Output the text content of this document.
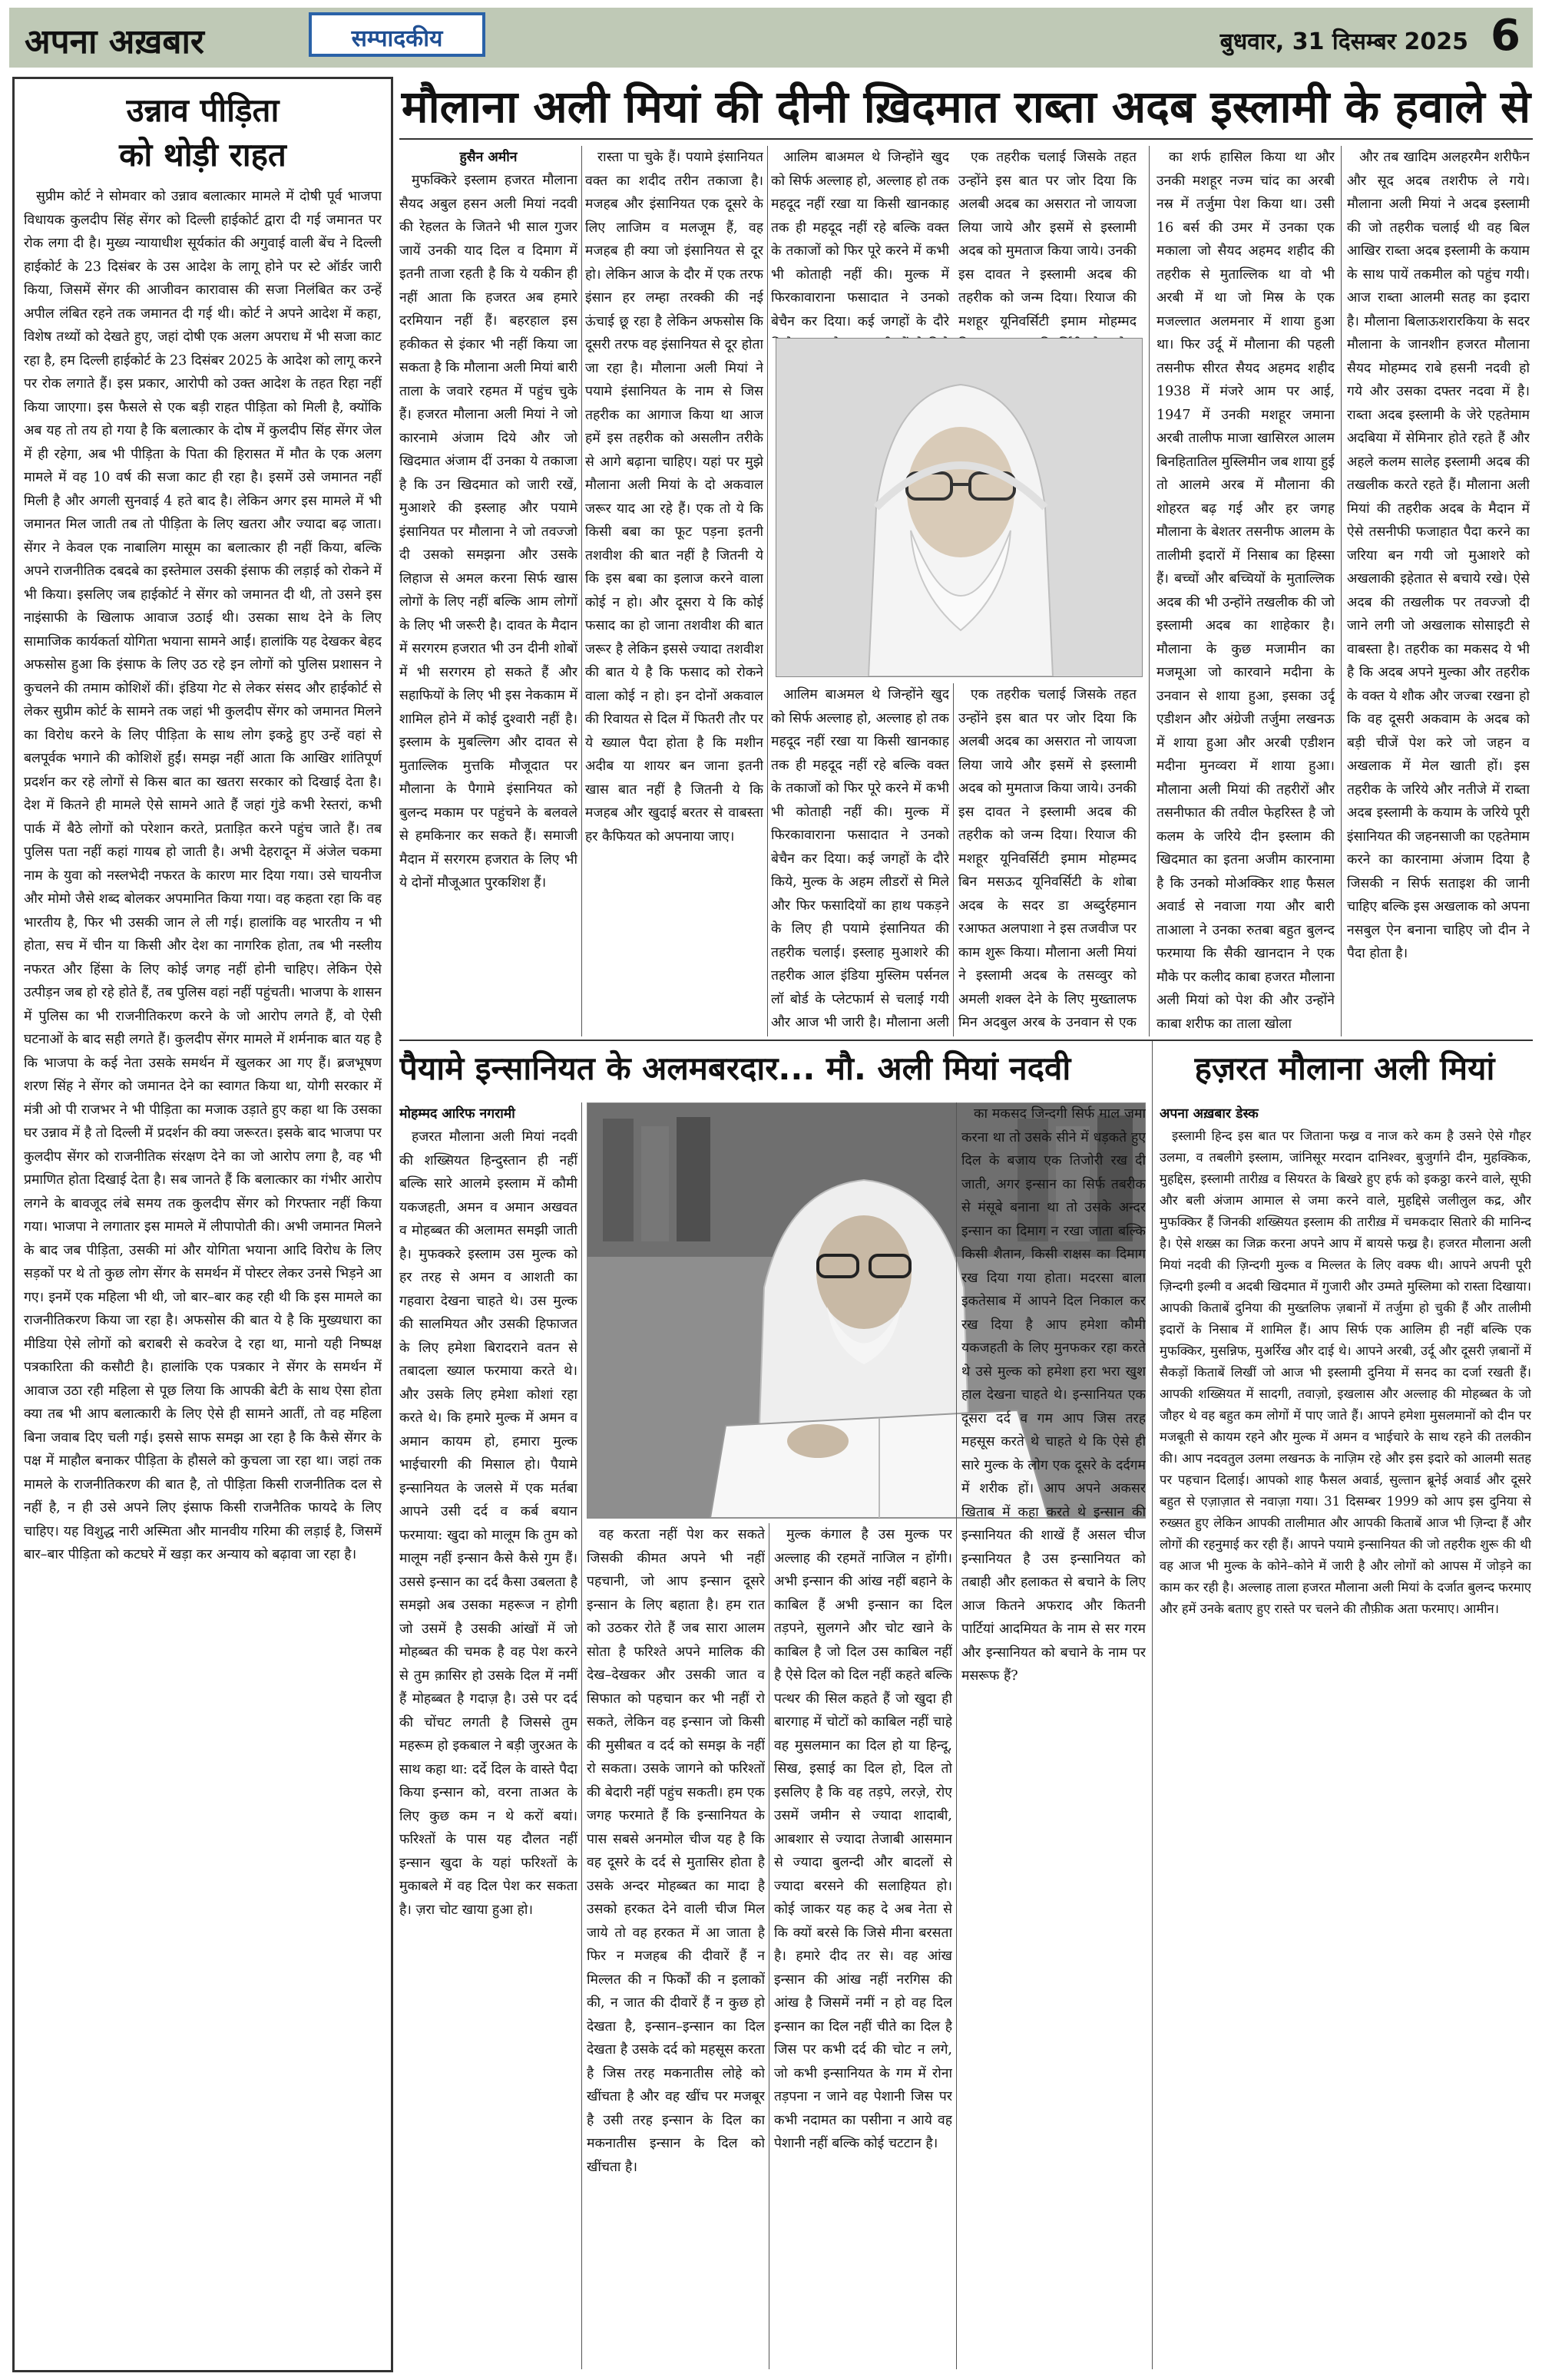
अपना अख़बार	सम्पादकीय	बुधवार, 31 दिसम्बर 2025 6
उन्नाव पीड़िता
को थोड़ी राहत

सुप्रीम कोर्ट ने सोमवार को उन्नाव बलात्कार मामले में दोषी पूर्व भाजपा विधायक कुलदीप सिंह सेंगर को दिल्ली हाईकोर्ट द्वारा दी गई जमानत पर रोक लगा दी है। मुख्य न्यायाधीश सूर्यकांत की अगुवाई वाली बेंच ने दिल्ली हाईकोर्ट के 23 दिसंबर के उस आदेश के लागू होने पर स्टे ऑर्डर जारी किया, जिसमें सेंगर की आजीवन कारावास की सजा निलंबित कर उन्हें अपील लंबित रहने तक जमानत दी गई थी। कोर्ट ने अपने आदेश में कहा, विशेष तथ्यों को देखते हुए, जहां दोषी एक अलग अपराध में भी सजा काट रहा है, हम दिल्ली हाईकोर्ट के 23 दिसंबर 2025 के आदेश को लागू करने पर रोक लगाते हैं। इस प्रकार, आरोपी को उक्त आदेश के तहत रिहा नहीं किया जाएगा। इस फैसले से एक बड़ी राहत पीड़िता को मिली है, क्योंकि अब यह तो तय हो गया है कि बलात्कार के दोष में कुलदीप सिंह सेंगर जेल में ही रहेगा, अब भी पीड़िता के पिता की हिरासत में मौत के एक अलग मामले में वह 10 वर्ष की सजा काट ही रहा है। इसमें उसे जमानत नहीं मिली है और अगली सुनवाई 4 हते बाद है। लेकिन अगर इस मामले में भी जमानत मिल जाती तब तो पीड़िता के लिए खतरा और ज्यादा बढ़ जाता। सेंगर ने केवल एक नाबालिग मासूम का बलात्कार ही नहीं किया, बल्कि अपने राजनीतिक दबदबे का इस्तेमाल उसकी इंसाफ की लड़ाई को रोकने में भी किया। इसलिए जब हाईकोर्ट ने सेंगर को जमानत दी थी, तो उसने इस नाइंसाफी के खिलाफ आवाज उठाई थी। उसका साथ देने के लिए सामाजिक कार्यकर्ता योगिता भयाना सामने आईं। हालांकि यह देखकर बेहद अफसोस हुआ कि इंसाफ के लिए उठ रहे इन लोगों को पुलिस प्रशासन ने कुचलने की तमाम कोशिशें कीं। इंडिया गेट से लेकर संसद और हाईकोर्ट से लेकर सुप्रीम कोर्ट के सामने तक जहां भी कुलदीप सेंगर को जमानत मिलने का विरोध करने के लिए पीड़िता के साथ लोग इकट्ठे हुए उन्हें वहां से बलपूर्वक भगाने की कोशिशें हुईं। समझ नहीं आता कि आखिर शांतिपूर्ण प्रदर्शन कर रहे लोगों से किस बात का खतरा सरकार को दिखाई देता है। देश में कितने ही मामले ऐसे सामने आते हैं जहां गुंडे कभी रेस्तरां, कभी पार्क में बैठे लोगों को परेशान करते, प्रताड़ित करने पहुंच जाते हैं। तब पुलिस पता नहीं कहां गायब हो जाती है। अभी देहरादून में अंजेल चकमा नाम के युवा को नस्लभेदी नफरत के कारण मार दिया गया। उसे चायनीज और मोमो जैसे शब्द बोलकर अपमानित किया गया। वह कहता रहा कि वह भारतीय है, फिर भी उसकी जान ले ली गई। हालांकि वह भारतीय न भी होता, सच में चीन या किसी और देश का नागरिक होता, तब भी नस्लीय नफरत और हिंसा के लिए कोई जगह नहीं होनी चाहिए। लेकिन ऐसे उत्पीड़न जब हो रहे होते हैं, तब पुलिस वहां नहीं पहुंचती। भाजपा के शासन में पुलिस का भी राजनीतिकरण करने के जो आरोप लगते हैं, वो ऐसी घटनाओं के बाद सही लगते हैं। कुलदीप सेंगर मामले में शर्मनाक बात यह है कि भाजपा के कई नेता उसके समर्थन में खुलकर आ गए हैं। ब्रजभूषण शरण सिंह ने सेंगर को जमानत देने का स्वागत किया था, योगी सरकार में मंत्री ओ पी राजभर ने भी पीड़िता का मजाक उड़ाते हुए कहा था कि उसका घर उन्नाव में है तो दिल्ली में प्रदर्शन की क्या जरूरत। इसके बाद भाजपा पर कुलदीप सेंगर को राजनीतिक संरक्षण देने का जो आरोप लगा है, वह भी प्रमाणित होता दिखाई देता है। सब जानते हैं कि बलात्कार का गंभीर आरोप लगने के बावजूद लंबे समय तक कुलदीप सेंगर को गिरफ्तार नहीं किया गया। भाजपा ने लगातार इस मामले में लीपापोती की। अभी जमानत मिलने के बाद जब पीड़िता, उसकी मां और योगिता भयाना आदि विरोध के लिए सड़कों पर थे तो कुछ लोग सेंगर के समर्थन में पोस्टर लेकर उनसे भिड़ने आ गए। इनमें एक महिला भी थी, जो बार–बार कह रही थी कि इस मामले का राजनीतिकरण किया जा रहा है। अफसोस की बात ये है कि मुख्यधारा का मीडिया ऐसे लोगों को बराबरी से कवरेज दे रहा था, मानो यही निष्पक्ष पत्रकारिता की कसौटी है। हालांकि एक पत्रकार ने सेंगर के समर्थन में आवाज उठा रही महिला से पूछ लिया कि आपकी बेटी के साथ ऐसा होता क्या तब भी आप बलात्कारी के लिए ऐसे ही सामने आतीं, तो वह महिला बिना जवाब दिए चली गई। इससे साफ समझ आ रहा है कि कैसे सेंगर के पक्ष में माहौल बनाकर पीड़िता के हौसले को कुचला जा रहा था। जहां तक मामले के राजनीतिकरण की बात है, तो पीड़िता किसी राजनीतिक दल से नहीं है, न ही उसे अपने लिए इंसाफ किसी राजनैतिक फायदे के लिए चाहिए। यह विशुद्ध नारी अस्मिता और मानवीय गरिमा की लड़ाई है, जिसमें बार–बार पीड़िता को कटघरे में खड़ा कर अन्याय को बढ़ावा जा रहा है।

मौलाना अली मियां की दीनी ख़िदमात राब्ता अदब इस्लामी के हवाले से
हुसैन अमीन

मुफक्किरे इस्लाम हजरत मौलाना सैयद अबुल हसन अली मियां नदवी की रेहलत के जितने भी साल गुजर जायें उनकी याद दिल व दिमाग में इतनी ताजा रहती है कि ये यकीन ही नहीं आता कि हजरत अब हमारे दरमियान नहीं हैं। बहरहाल इस हकीकत से इंकार भी नहीं किया जा सकता है कि मौलाना अली मियां बारी ताला के जवारे रहमत में पहुंच चुके हैं। हजरत मौलाना अली मियां ने जो कारनामे अंजाम दिये और जो खिदमात अंजाम दीं उनका ये तकाजा है कि उन खिदमात को जारी रखें, मुआशरे की इस्लाह और पयामे इंसानियत पर मौलाना ने जो तवज्जो दी उसको समझना और उसके लिहाज से अमल करना सिर्फ खास लोगों के लिए नहीं बल्कि आम लोगों के लिए भी जरूरी है। दावत के मैदान में सरगरम हजरात भी उन दीनी शोबों में भी सरगरम हो सकते हैं और सहाफियों के लिए भी इस नेककाम में शामिल होने में कोई दुश्वारी नहीं है। इस्लाम के मुबल्लिग और दावत से मुताल्लिक मुत्तकि मौजूदात पर मौलाना के पैगामे इंसानियत को बुलन्द मकाम पर पहुंचने के बलवले से हमकिनार कर सकते हैं। समाजी मैदान में सरगरम हजरात के लिए भी ये दोनों मौजूआत पुरकशिश हैं।

रास्ता पा चुके हैं। पयामे इंसानियत वक्त का शदीद तरीन तकाजा है। मजहब और इंसानियत एक दूसरे के लिए लाजिम व मलजूम हैं, वह मजहब ही क्या जो इंसानियत से दूर हो। लेकिन आज के दौर में एक तरफ इंसान हर लम्हा तरक्की की नई ऊंचाई छू रहा है लेकिन अफसोस कि दूसरी तरफ वह इंसानियत से दूर होता जा रहा है। मौलाना अली मियां ने पयामे इंसानियत के नाम से जिस तहरीक का आगाज किया था आज हमें इस तहरीक को असलीन तरीके से आगे बढ़ाना चाहिए। यहां पर मुझे मौलाना अली मियां के दो अकवाल जरूर याद आ रहे हैं। एक तो ये कि किसी बबा का फूट पड़ना इतनी तशवीश की बात नहीं है जितनी ये कि इस बबा का इलाज करने वाला कोई न हो। और दूसरा ये कि कोई फसाद का हो जाना तशवीश की बात जरूर है लेकिन इससे ज्यादा तशवीश की बात ये है कि फसाद को रोकने वाला कोई न हो। इन दोनों अकवाल की रिवायत से दिल में फितरी तौर पर ये ख्याल पैदा होता है कि मशीन अदीब या शायर बन जाना इतनी खास बात नहीं है जितनी ये कि मजहब और खुदाई बरतर से वाबस्ता हर कैफियत को अपनाया जाए।

आलिम बाअमल थे जिन्होंने खुद को सिर्फ अल्लाह हो, अल्लाह हो तक महदूद नहीं रखा या किसी खानकाह तक ही महदूद नहीं रहे बल्कि वक्त के तकाजों को फिर पूरे करने में कभी भी कोताही नहीं की। मुल्क में फिरकावाराना फसादात ने उनको बेचैन कर दिया। कई जगहों के दौरे

एक तहरीक चलाई जिसके तहत उन्होंने इस बात पर जोर दिया कि अलबी अदब का असरात नो जायजा लिया जाये और इसमें से इस्लामी अदब को मुमताज किया जाये। उनकी इस दावत ने इस्लामी अदब की तहरीक को जन्म दिया। रियाज की मशहूर यूनिवर्सिटी इमाम मोहम्मद

आलिम बाअमल थे जिन्होंने खुद को सिर्फ अल्लाह हो, अल्लाह हो तक महदूद नहीं रखा या किसी खानकाह तक ही महदूद नहीं रहे बल्कि वक्त के तकाजों को फिर पूरे करने में कभी भी कोताही नहीं की। मुल्क में फिरकावाराना फसादात ने उनको बेचैन कर दिया। कई जगहों के दौरे किये, मुल्क के अहम लीडरों से मिले और फिर फसादियों का हाथ पकड़ने के लिए ही पयामे इंसानियत की तहरीक चलाई। इस्लाह मुआशरे की तहरीक आल इंडिया मुस्लिम पर्सनल लॉ बोर्ड के प्लेटफार्म से चलाई गयी और आज भी जारी है। मौलाना अली

एक तहरीक चलाई जिसके तहत उन्होंने इस बात पर जोर दिया कि अलबी अदब का असरात नो जायजा लिया जाये और इसमें से इस्लामी अदब को मुमताज किया जाये। उनकी इस दावत ने इस्लामी अदब की तहरीक को जन्म दिया। रियाज की मशहूर यूनिवर्सिटी इमाम मोहम्मद बिन मसऊद यूनिवर्सिटी के शोबा अदब के सदर डा अब्दुर्रहमान रआफत अलपाशा ने इस तजवीज पर काम शुरू किया। मौलाना अली मियां ने इस्लामी अदब के तसव्वुर को अमली शक्ल देने के लिए मुख्तालफ मिन अदबुल अरब के उनवान से एक

का शर्फ हासिल किया था और उनकी मशहूर नज्म चांद का अरबी नस्र में तर्जुमा पेश किया था। उसी 16 बर्स की उमर में उनका एक मकाला जो सैयद अहमद शहीद की तहरीक से मुताल्लिक था वो भी अरबी में था जो मिस्र के एक मजल्लात अलमनार में शाया हुआ था। फिर उर्दू में मौलाना की पहली तसनीफ सीरत सैयद अहमद शहीद 1938 में मंजरे आम पर आई, 1947 में उनकी मशहूर जमाना अरबी तालीफ माजा खासिरल आलम बिनहितातिल मुस्लिमीन जब शाया हुई तो आलमे अरब में मौलाना की शोहरत बढ़ गई और हर जगह मौलाना के बेशतर तसनीफ आलम के तालीमी इदारों में निसाब का हिस्सा हैं। बच्चों और बच्चियों के मुताल्लिक अदब की भी उन्होंने तखलीक की जो इस्लामी अदब का शाहेकार है। मौलाना के कुछ मजामीन का मजमूआ जो कारवाने मदीना के उनवान से शाया हुआ, इसका उर्दू एडीशन और अंग्रेजी तर्जुमा लखनऊ में शाया हुआ और अरबी एडीशन मदीना मुनव्वरा में शाया हुआ। मौलाना अली मियां की तहरीरों और तसनीफात की तवील फेहरिस्त है जो कलम के जरिये दीन इस्लाम की खिदमात का इतना अजीम कारनामा है कि उनको मोअक्किर शाह फैसल अवार्ड से नवाजा गया और बारी ताआला ने उनका रुतबा बहुत बुलन्द फरमाया कि सैकी खानदान ने एक मौके पर कलीद काबा हजरत मौलाना अली मियां को पेश की और उन्होंने काबा शरीफ का ताला खोला

और तब खादिम अलहरमैन शरीफैन और सूद अदब तशरीफ ले गये। मौलाना अली मियां ने अदब इस्लामी की जो तहरीक चलाई थी वह बिल आखिर राब्ता अदब इस्लामी के कयाम के साथ पायें तकमील को पहुंच गयी। आज राब्ता आलमी सतह का इदारा है। मौलाना बिलाऊशरारकिया के सदर मौलाना के जानशीन हजरत मौलाना सैयद मोहम्मद राबे हसनी नदवी हो गये और उसका दफ्तर नदवा में है। राब्ता अदब इस्लामी के जेरे एहतेमाम अदबिया में सेमिनार होते रहते हैं और अहले कलम सालेह इस्लामी अदब की तखलीक करते रहते हैं। मौलाना अली मियां की तहरीक अदब के मैदान में ऐसे तसनीफी फजाहात पैदा करने का जरिया बन गयी जो मुआशरे को अखलाकी इहेतात से बचाये रखे। ऐसे अदब की तखलीक पर तवज्जो दी जाने लगी जो अखलाक सोसाइटी से वाबस्ता है। तहरीक का मकसद ये भी है कि अदब अपने मुल्का और तहरीक के वक्त ये शौक और जज्बा रखना हो कि वह दूसरी अकवाम के अदब को बड़ी चीजें पेश करे जो जहन व अखलाक में मेल खाती हों। इस तहरीक के जरिये और नतीजे में राब्ता अदब इस्लामी के कयाम के जरिये पूरी इंसानियत की जहनसाजी का एहतेमाम करने का कारनामा अंजाम दिया है जिसकी न सिर्फ सताइश की जानी चाहिए बल्कि इस अखलाक को अपना नसबुल ऐन बनाना चाहिए जो दीन ने पैदा होता है।

पैयामे इन्सानियत के अलमबरदार... मौ. अली मियां नदवी	हज़रत मौलाना अली मियां
मोहम्मद आरिफ नगरामी

हजरत मौलाना अली मियां नदवी की शख्सियत हिन्दुस्तान ही नहीं बल्कि सारे आलमे इस्लाम में कौमी यकजहती, अमन व अमान अखवत व मोहब्बत की अलामत समझी जाती है। मुफक्करे इस्लाम उस मुल्क को हर तरह से अमन व आशती का गहवारा देखना चाहते थे। उस मुल्क की सालमियत और उसकी हिफाजत के लिए हमेशा बिरादराने वतन से तबादला ख्याल फरमाया करते थे। और उसके लिए हमेशा कोशां रहा करते थे। कि हमारे मुल्क में अमन व अमान कायम हो, हमारा मुल्क भाईचारगी की मिसाल हो। पैयामे इन्सानियत के जलसे में एक मर्तबा आपने उसी दर्द व कर्ब बयान फरमाया: खुदा को मालूम कि तुम को मालूम नहीं इन्सान कैसे कैसे गुम हैं। उससे इन्सान का दर्द कैसा उबलता है समझो अब उसका महरूज न होगी जो उसमें है उसकी आंखों में जो मोहब्बत की चमक है वह पेश करने से तुम क़ासिर हो उसके दिल में नमीं हैं मोहब्बत है गदाज़ है। उसे पर दर्द की चोंचट लगती है जिससे तुम महरूम हो इकबाल ने बड़ी जुरअत के साथ कहा था: दर्दे दिल के वास्ते पैदा किया इन्सान को, वरना ताअत के लिए कुछ कम न थे करों बयां। फरिश्तों के पास यह दौलत नहीं इन्सान खुदा के यहां फरिश्तों के मुकाबले में वह दिल पेश कर सकता है। ज़रा चोट खाया हुआ हो।

वह करता नहीं पेश कर सकते जिसकी कीमत अपने भी नहीं पहचानी, जो आप इन्सान दूसरे इन्सान के लिए बहाता है। हम रात को उठकर रोते हैं जब सारा आलम सोता है फरिश्ते अपने मालिक की देख–देखकर और उसकी जात व सिफात को पहचान कर भी नहीं रो सकते, लेकिन वह इन्सान जो किसी की मुसीबत व दर्द को समझ के नहीं रो सकता। उसके जागने को फरिश्तों की बेदारी नहीं पहुंच सकती। हम एक जगह फरमाते हैं कि इन्सानियत के पास सबसे अनमोल चीज यह है कि वह दूसरे के दर्द से मुतासिर होता है उसके अन्दर मोहब्बत का मादा है उसको हरकत देने वाली चीज मिल जाये तो वह हरकत में आ जाता है फिर न मजहब की दीवारें हैं न मिल्लत की न फिर्कों की न इलाकों की, न जात की दीवारें हैं न कुछ हो देखता है, इन्सान–इन्सान का दिल देखता है उसके दर्द को महसूस करता है जिस तरह मकनातीस लोहे को खींचता है और वह खींच पर मजबूर है उसी तरह इन्सान के दिल का मकनातीस इन्सान के दिल को खींचता है।

मुल्क कंगाल है उस मुल्क पर अल्लाह की रहमतें नाजिल न होंगी। अभी इन्सान की आंख नहीं बहाने के काबिल हैं अभी इन्सान का दिल तड़पने, सुलगने और चोट खाने के काबिल है जो दिल उस काबिल नहीं है ऐसे दिल को दिल नहीं कहते बल्कि पत्थर की सिल कहते हैं जो खुदा ही बारगाह में चोटों को काबिल नहीं चाहे वह मुसलमान का दिल हो या हिन्दू, सिख, इसाई का दिल हो, दिल तो इसलिए है कि वह तड़पे, लरज़े, रोए उसमें जमीन से ज्यादा शादाबी, आबशार से ज्यादा तेजाबी आसमान से ज्यादा बुलन्दी और बादलों से ज्यादा बरसने की सलाहियत हो। कोई जाकर यह कह दे अब नेता से कि क्यों बरसे कि जिसे मीना बरसता है। हमारे दीद तर से। वह आंख इन्सान की आंख नहीं नरगिस की आंख है जिसमें नमीं न हो वह दिल इन्सान का दिल नहीं चीते का दिल है जिस पर कभी दर्द की चोट न लगे, जो कभी इन्सानियत के गम में रोना तड़पना न जाने वह पेशानी जिस पर कभी नदामत का पसीना न आये वह पेशानी नहीं बल्कि कोई चटटान है।

का मकसद जिन्दगी सिर्फ माल जमा करना था तो उसके सीने में धड़कते हुए दिल के बजाय एक तिजोरी रख दी जाती, अगर इन्सान का सिर्फ तबरीक से मंसूबे बनाना था तो उसके अन्दर इन्सान का दिमाग न रखा जाता बल्कि किसी शैतान, किसी राक्षस का दिमाग रख दिया गया होता। मदरसा बाला इकतेसाब में आपने दिल निकाल कर रख दिया है आप हमेशा कौमी यकजहती के लिए मुनफकर रहा करते थे उसे मुल्क को हमेशा हरा भरा खुश हाल देखना चाहते थे। इन्सानियत एक दूसरा दर्द व गम आप जिस तरह महसूस करते थे चाहते थे कि ऐसे ही सारे मुल्क के लोग एक दूसरे के दर्दगम में शरीक हों। आप अपने अकसर खिताब में कहा करते थे इन्सान की इन्सानियत की शाखें हैं असल चीज इन्सानियत है उस इन्सानियत को तबाही और हलाकत से बचाने के लिए आज कितने अफराद और कितनी पार्टियां आदमियत के नाम से सर गरम और इन्सानियत को बचाने के नाम पर मसरूफ हैं?

अपना अख़बार डेस्क

इस्लामी हिन्द इस बात पर जिताना फख्र व नाज करे कम है उसने ऐसे गौहर उलमा, व तबलीगे इस्लाम, जांनिसूर मरदान दानिश्वर, बुजुर्गाने दीन, मुहक्किक, मुहद्दिस, इस्लामी तारीख़ व सियरत के बिखरे हुए हर्फ को इकठ्ठा करने वाले, सूफी और बली अंजाम आमाल से जमा करने वाले, मुहद्दिसे जलीलुल कद्र, और मुफक्किर हैं जिनकी शख्सियत इस्लाम की तारीख़ में चमकदार सितारे की मानिन्द है। ऐसे शख्स का जिक्र करना अपने आप में बायसे फख्र है। हजरत मौलाना अली मियां नदवी की ज़िन्दगी मुल्क व मिल्लत के लिए वक्फ थी। आपने अपनी पूरी ज़िन्दगी इल्मी व अदबी खिदमात में गुजारी और उम्मते मुस्लिमा को रास्ता दिखाया। आपकी किताबें दुनिया की मुख्तलिफ ज़बानों में तर्जुमा हो चुकी हैं और तालीमी इदारों के निसाब में शामिल हैं। आप सिर्फ एक आलिम ही नहीं बल्कि एक मुफक्किर, मुसन्निफ, मुअर्रिख और दाई थे। आपने अरबी, उर्दू और दूसरी ज़बानों में सैकड़ों किताबें लिखीं जो आज भी इस्लामी दुनिया में सनद का दर्जा रखती हैं। आपकी शख्सियत में सादगी, तवाज़ो, इखलास और अल्लाह की मोहब्बत के जो जौहर थे वह बहुत कम लोगों में पाए जाते हैं। आपने हमेशा मुसलमानों को दीन पर मजबूती से कायम रहने और मुल्क में अमन व भाईचारे के साथ रहने की तलकीन की। आप नदवतुल उलमा लखनऊ के नाज़िम रहे और इस इदारे को आलमी सतह पर पहचान दिलाई। आपको शाह फैसल अवार्ड, सुल्तान ब्रूनेई अवार्ड और दूसरे बहुत से एज़ाज़ात से नवाज़ा गया। 31 दिसम्बर 1999 को आप इस दुनिया से रुख्सत हुए लेकिन आपकी तालीमात और आपकी किताबें आज भी ज़िन्दा हैं और लोगों की रहनुमाई कर रही हैं। आपने पयामे इन्सानियत की जो तहरीक शुरू की थी वह आज भी मुल्क के कोने–कोने में जारी है और लोगों को आपस में जोड़ने का काम कर रही है। अल्लाह ताला हजरत मौलाना अली मियां के दर्जात बुलन्द फरमाए और हमें उनके बताए हुए रास्ते पर चलने की तौफ़ीक अता फरमाए। आमीन।
